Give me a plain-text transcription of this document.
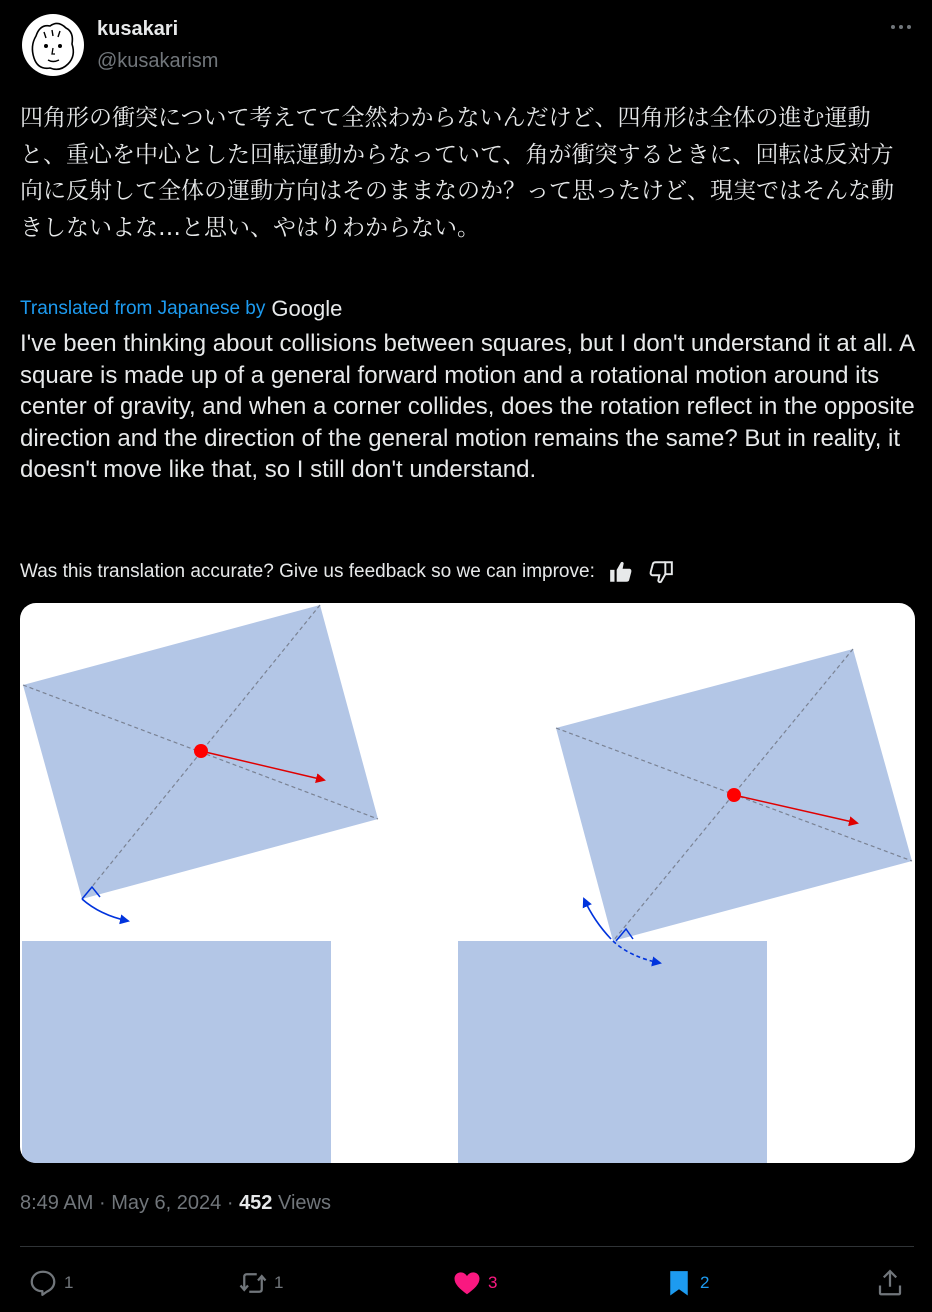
kusakari
@kusakarism

四角形の衝突について考えてて全然わからないんだけど、四角形は全体の進む運動と、重心を中心とした回転運動からなっていて、角が衝突するときに、回転は反対方向に反射して全体の運動方向はそのままなのか？って思ったけど、現実ではそんな動きしないよな…と思い、やはりわからない。

Translated from Japanese by Google

I've been thinking about collisions between squares, but I don't understand it at all. A square is made up of a general forward motion and a rotational motion around its center of gravity, and when a corner collides, does the rotation reflect in the opposite direction and the direction of the general motion remains the same? But in reality, it doesn't move like that, so I still don't understand.

Was this translation accurate? Give us feedback so we can improve:
8:49 AM · May 6, 2024 · 452 Views
1	1	3	2
